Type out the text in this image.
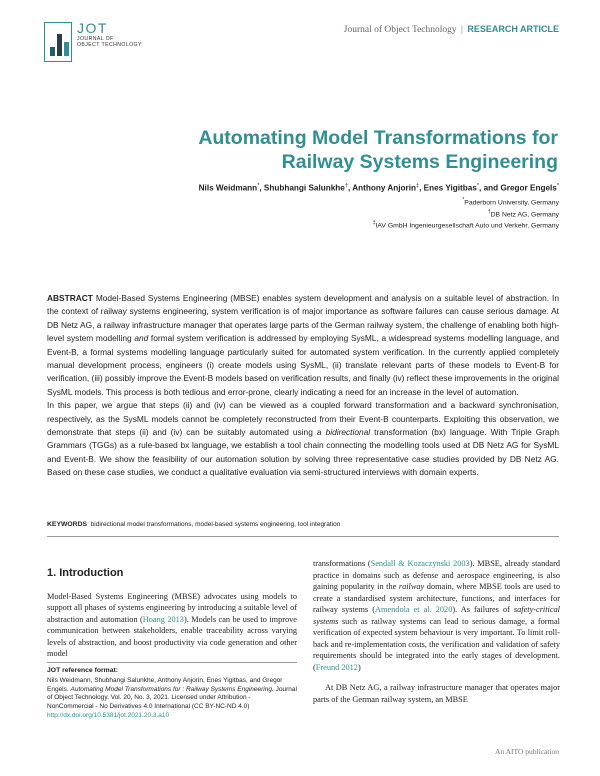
JOT
JOURNAL OF
OBJECT TECHNOLOGY
Journal of Object Technology | RESEARCH ARTICLE
Automating Model Transformations for
Railway Systems Engineering
Nils Weidmann*, Shubhangi Salunkhe†, Anthony Anjorin‡, Enes Yigitbas*, and Gregor Engels*
*Paderborn University, Germany
†DB Netz AG, Germany
‡IAV GmbH Ingenieurgesellschaft Auto und Verkehr, Germany

ABSTRACT Model-Based Systems Engineering (MBSE) enables system development and analysis on a suitable level of abstraction. In the context of railway systems engineering, system verification is of major importance as software failures can cause serious damage. At DB Netz AG, a railway infrastructure manager that operates large parts of the German railway system, the challenge of enabling both high-level system modelling and formal system verification is addressed by employing SysML, a widespread systems modelling language, and Event-B, a formal systems modelling language particularly suited for automated system verification. In the currently applied completely manual development process, engineers (i) create models using SysML, (ii) translate relevant parts of these models to Event-B for verification, (iii) possibly improve the Event-B models based on verification results, and finally (iv) reflect these improvements in the original SysML models. This process is both tedious and error-prone, clearly indicating a need for an increase in the level of automation.

In this paper, we argue that steps (ii) and (iv) can be viewed as a coupled forward transformation and a backward synchronisation, respectively, as the SysML models cannot be completely reconstructed from their Event-B counterparts. Exploiting this observation, we demonstrate that steps (ii) and (iv) can be suitably automated using a bidirectional transformation (bx) language. With Triple Graph Grammars (TGGs) as a rule-based bx language, we establish a tool chain connecting the modelling tools used at DB Netz AG for SysML and Event-B. We show the feasibility of our automation solution by solving three representative case studies provided by DB Netz AG. Based on these case studies, we conduct a qualitative evaluation via semi-structured interviews with domain experts.

KEYWORDS bidirectional model transformations, model-based systems engineering, tool integration
1. Introduction

Model-Based Systems Engineering (MBSE) advocates using models to support all phases of systems engineering by introducing a suitable level of abstraction and automation (Hoang 2013). Models can be used to improve communication between stakeholders, enable traceability across varying levels of abstraction, and boost productivity via code generation and other model

JOT reference format:
Nils Weidmann, Shubhangi Salunkhe, Anthony Anjorin, Enes Yigitbas, and Gregor Engels. Automating Model Transformations for : Railway Systems Engineering. Journal of Object Technology. Vol. 20, No. 3, 2021. Licensed under Attribution - NonCommercial - No Derivatives 4.0 International (CC BY-NC-ND 4.0) http://dx.doi.org/10.5381/jot.2021.20.3.a10

transformations (Sendall & Kozaczynski 2003). MBSE, already standard practice in domains such as defense and aerospace engineering, is also gaining popularity in the railway domain, where MBSE tools are used to create a standardised system architecture, functions, and interfaces for railway systems (Amendola et al. 2020). As failures of safety-critical systems such as railway systems can lead to serious damage, a formal verification of expected system behaviour is very important. To limit roll-back and re-implementation costs, the verification and validation of safety requirements should be integrated into the early stages of development. (Freund 2012)

At DB Netz AG, a railway infrastructure manager that operates major parts of the German railway system, an MBSE

An AITO publication
